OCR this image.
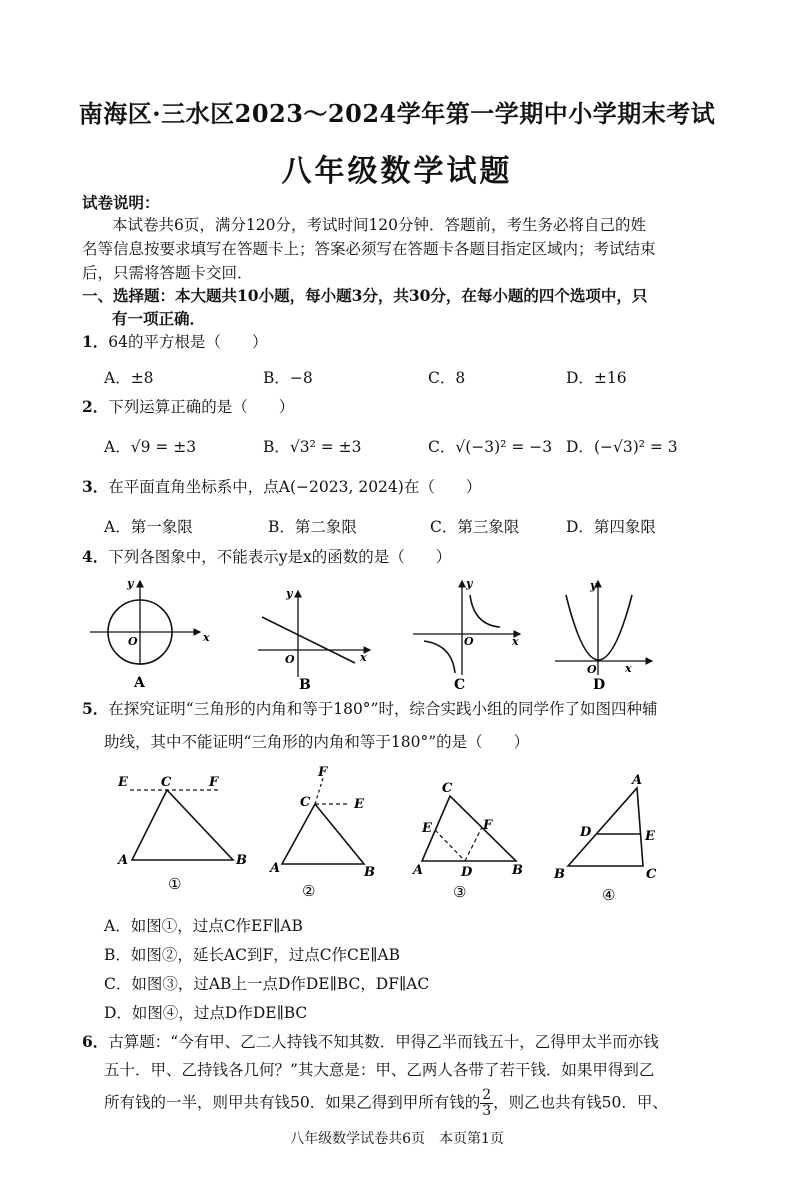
南海区·三水区2023～2024学年第一学期中小学期末考试
八年级数学试题
试卷说明：
本试卷共6页，满分120分，考试时间120分钟．答题前，考生务必将自己的姓
名等信息按要求填写在答题卡上；答案必须写在答题卡各题目指定区域内；考试结束
后，只需将答题卡交回．
一、选择题：本大题共10小题，每小题3分，共30分，在每小题的四个选项中，只
有一项正确．
1．64的平方根是（　　）
A．±8	B．−8	C．8	D．±16
2．下列运算正确的是（　　）
A．√9 = ±3	B．√3² = ±3	C．√(−3)² = −3 D．(−√3)² = 3
3．在平面直角坐标系中，点A(−2023, 2024)在（　　）
A．第一象限	B．第二象限	C．第三象限	D．第四象限
4．下列各图象中，不能表示y是x的函数的是（　　）
y
x
O
A
y
x
O
B
y
x
O
C
y
x
O
D
5．在探究证明“三角形的内角和等于180°”时，综合实践小组的同学作了如图四种辅
助线，其中不能证明“三角形的内角和等于180°”的是（　　）
E	C	F
A	B
①
F
C	E
A	B
②
C
E	F
A	D	B
③
A
D	E
B	C
④
A．如图①，过点C作EF∥AB
B．如图②，延长AC到F，过点C作CE∥AB
C．如图③，过AB上一点D作DE∥BC，DF∥AC
D．如图④，过点D作DE∥BC
6．古算题：“今有甲、乙二人持钱不知其数．甲得乙半而钱五十，乙得甲太半而亦钱
五十．甲、乙持钱各几何？”其大意是：甲、乙两人各带了若干钱．如果甲得到乙
所有钱的一半，则甲共有钱50．如果乙得到甲所有钱的 $\frac{2}{3}$ ，则乙也共有钱50．甲、
八年级数学试卷共6页　本页第1页
